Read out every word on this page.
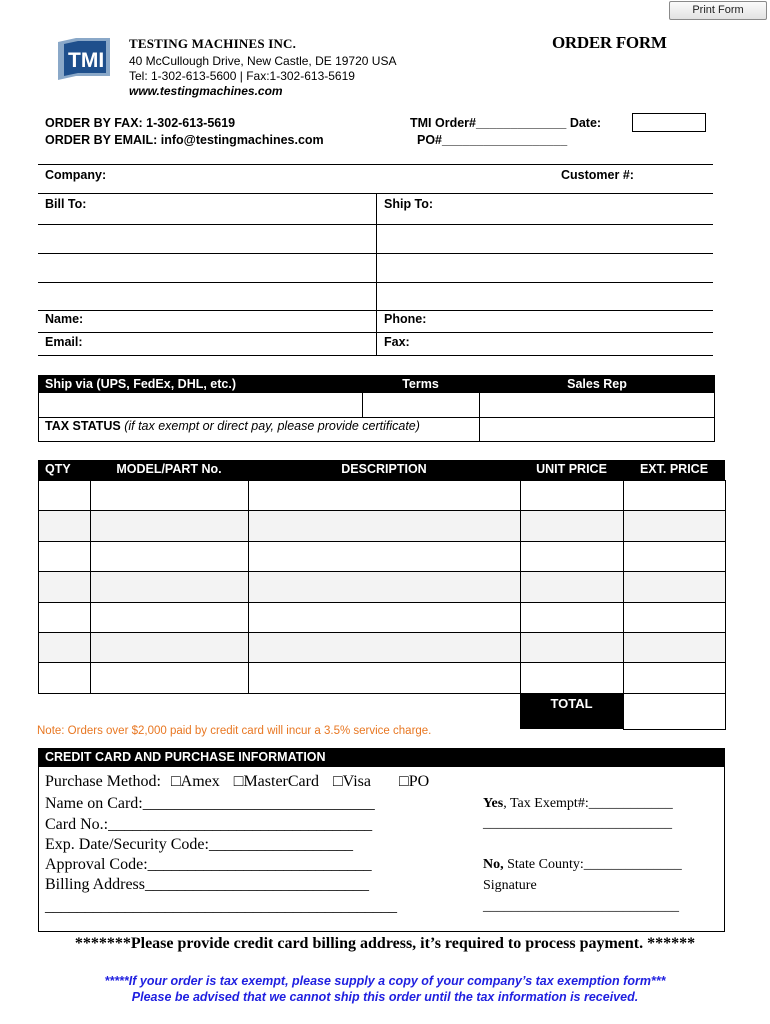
Print Form
TMI
TESTING MACHINES INC.
40 McCullough Drive, New Castle, DE 19720 USA
Tel: 1-302-613-5600 | Fax:1-302-613-5619
www.testingmachines.com
ORDER FORM
ORDER BY FAX: 1-302-613-5619
ORDER BY EMAIL: info@testingmachines.com
TMI Order#_____________ Date:
PO#__________________
Company:	Customer #:
Bill To:	Ship To:
Name:	Phone:
Email:	Fax:
Ship via (UPS, FedEx, DHL, etc.)	Terms	Sales Rep
TAX STATUS (if tax exempt or direct pay, please provide certificate)
QTY	MODEL/PART No.	DESCRIPTION	UNIT PRICE	EXT. PRICE
TOTAL
Note: Orders over $2,000 paid by credit card will incur a 3.5% service charge.
CREDIT CARD AND PURCHASE INFORMATION
Purchase Method: □Amex □MasterCard □Visa □PO
Name on Card:_____________________________
Card No.:_________________________________
Exp. Date/Security Code:__________________
Approval Code:____________________________
Billing Address____________________________
____________________________________________
Yes, Tax Exempt#:____________
___________________________
No, State County:______________
Signature
____________________________
*******Please provide credit card billing address, it’s required to process payment. ******
*****If your order is tax exempt, please supply a copy of your company’s tax exemption form***
Please be advised that we cannot ship this order until the tax information is received.
